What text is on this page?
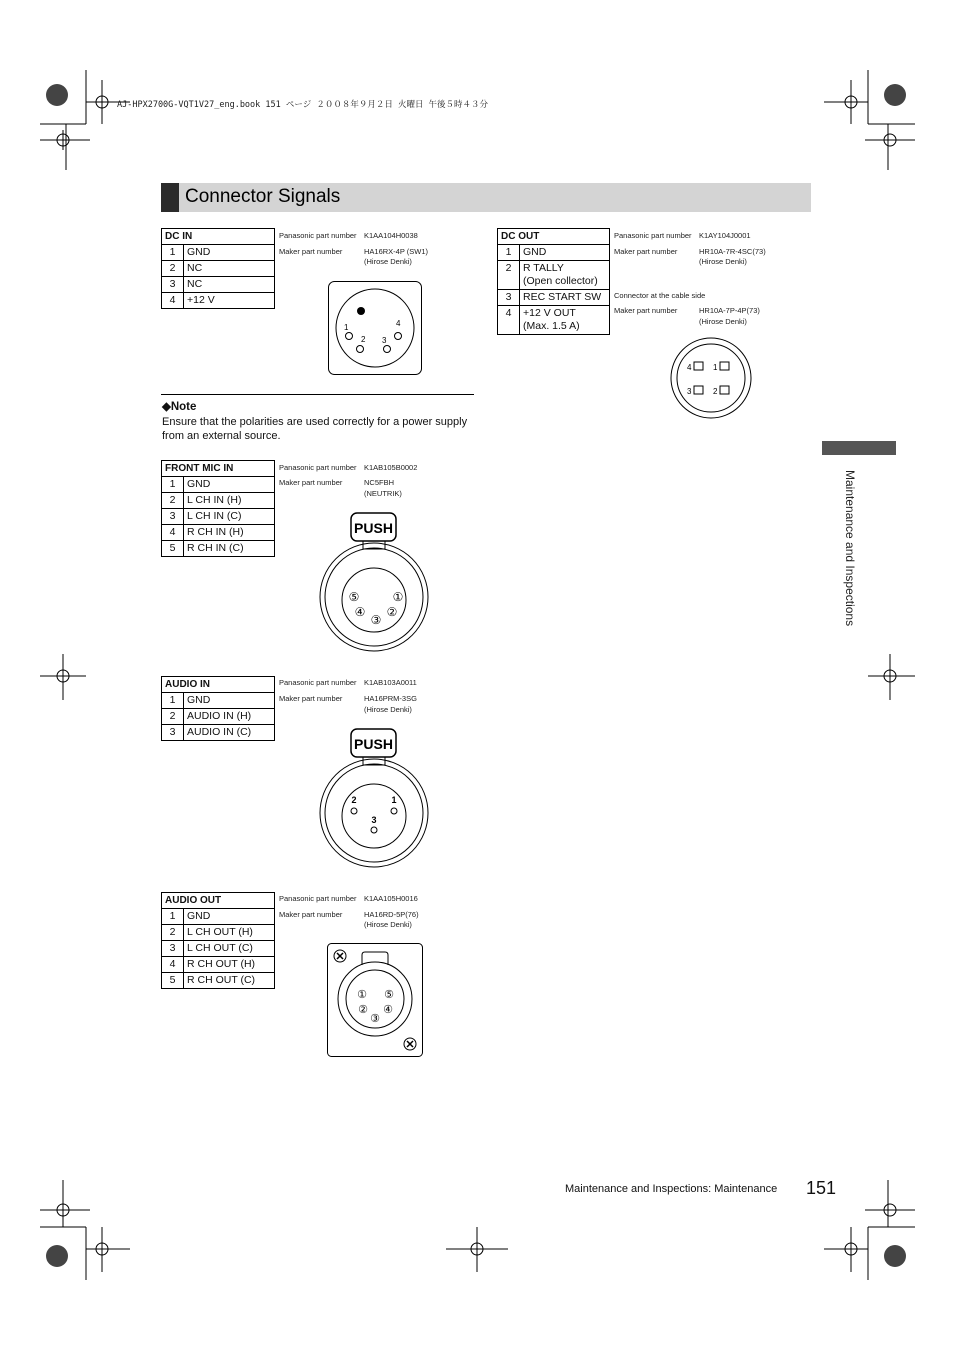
AJ-HPX2700G-VQT1V27_eng.book 151 ページ ２００８年９月２日 火曜日 午後５時４３分
Connector Signals
DC IN	
1	GND
2	NC
3	NC
4	+12 V
Panasonic part number K1AA104H0038
Maker part number	HA16RX-4P (SW1)
(Hirose Denki)
1
2 3
4
◆Note
Ensure that the polarities are used correctly for a power supply from an external source.
DC OUT	
1	GND
2	R TALLY
(Open collector)
3	REC START SW
4	+12 V OUT
(Max. 1.5 A)
Panasonic part number K1AY104J0001
Maker part number	HR10A-7R-4SC(73)
(Hirose Denki)
Connector at the cable side
Maker part number	HR10A-7P-4P(73)
(Hirose Denki)
4	1
3	2
FRONT MIC IN	
1	GND
2	L CH IN (H)
3	L CH IN (C)
4	R CH IN (H)
5	R CH IN (C)
Panasonic part number K1AB105B0002
Maker part number	NC5FBH
(NEUTRIK)
PUSH
⑤	①
④ ②
③
AUDIO IN	
1	GND
2	AUDIO IN (H)
3	AUDIO IN (C)
Panasonic part number K1AB103A0011
Maker part number	HA16PRM-3SG
(Hirose Denki)
PUSH
2	1
3
AUDIO OUT	
1	GND
2	L CH OUT (H)
3	L CH OUT (C)
4	R CH OUT (H)
5	R CH OUT (C)
Panasonic part number K1AA105H0016
Maker part number	HA16RD-5P(76)
(Hirose Denki)
① ⑤
② ④
③
Maintenance and Inspections
Maintenance and Inspections: Maintenance 151
